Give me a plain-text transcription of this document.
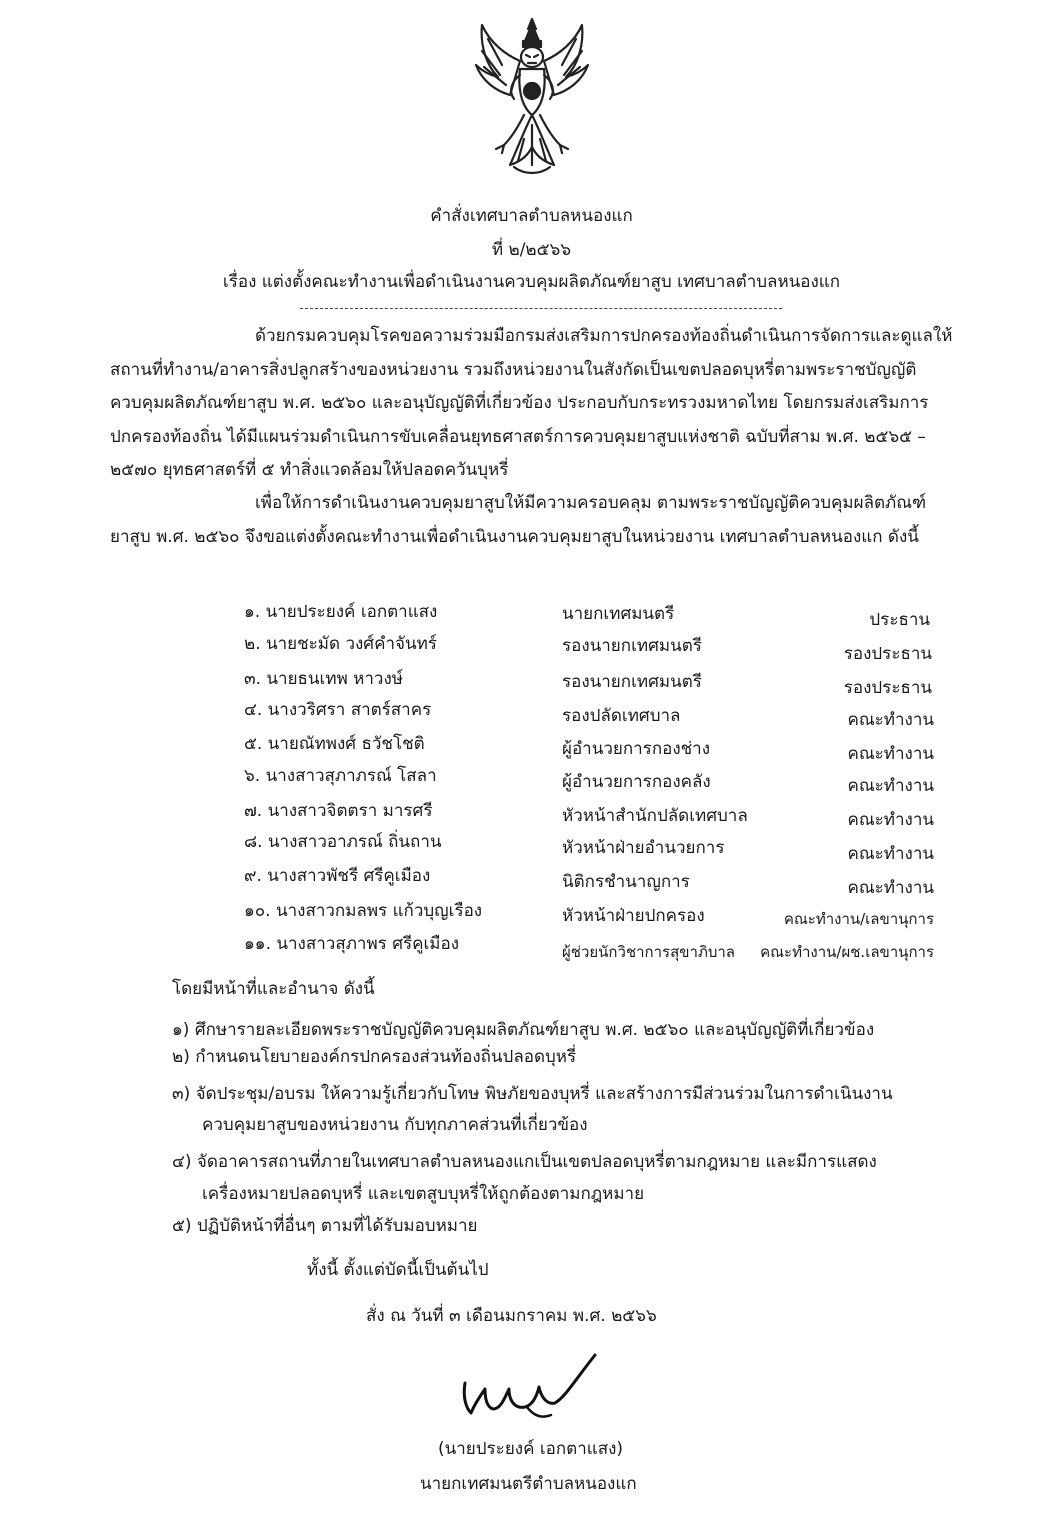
คำสั่งเทศบาลตำบลหนองแก
ที่ ๒/๒๕๖๖
เรื่อง แต่งตั้งคณะทำงานเพื่อดำเนินงานควบคุมผลิตภัณฑ์ยาสูบ เทศบาลตำบลหนองแก
ด้วยกรมควบคุมโรคขอความร่วมมือกรมส่งเสริมการปกครองท้องถิ่นดำเนินการจัดการและดูแลให้สถานที่ทำงาน/อาคารสิ่งปลูกสร้างของหน่วยงาน รวมถึงหน่วยงานในสังกัดเป็นเขตปลอดบุหรี่ตามพระราชบัญญัติควบคุมผลิตภัณฑ์ยาสูบ พ.ศ. ๒๕๖๐ และอนุบัญญัติที่เกี่ยวข้อง ประกอบกับกระทรวงมหาดไทย โดยกรมส่งเสริมการปกครองท้องถิ่น ได้มีแผนร่วมดำเนินการขับเคลื่อนยุทธศาสตร์การควบคุมยาสูบแห่งชาติ ฉบับที่สาม พ.ศ. ๒๕๖๕ – ๒๕๗๐ ยุทธศาสตร์ที่ ๕ ทำสิ่งแวดล้อมให้ปลอดควันบุหรี่
เพื่อให้การดำเนินงานควบคุมยาสูบให้มีความครอบคลุม ตามพระราชบัญญัติควบคุมผลิตภัณฑ์ยาสูบ พ.ศ. ๒๕๖๐ จึงขอแต่งตั้งคณะทำงานเพื่อดำเนินงานควบคุมยาสูบในหน่วยงาน เทศบาลตำบลหนองแก ดังนี้
๑. นายประยงค์ เอกตาแสง	นายกเทศมนตรี	ประธาน
๒. นายชะมัด วงศ์คำจันทร์	รองนายกเทศมนตรี	รองประธาน
๓. นายธนเทพ หาวงษ์	รองนายกเทศมนตรี	รองประธาน
๔. นางวริศรา สาตร์สาคร	รองปลัดเทศบาล	คณะทำงาน
๕. นายณัทพงศ์ ธวัชโชติ	ผู้อำนวยการกองช่าง	คณะทำงาน
๖. นางสาวสุภาภรณ์ โสลา	ผู้อำนวยการกองคลัง	คณะทำงาน
๗. นางสาวจิตตรา มารศรี	หัวหน้าสำนักปลัดเทศบาล	คณะทำงาน
๘. นางสาวอาภรณ์ ถิ่นถาน	หัวหน้าฝ่ายอำนวยการ	คณะทำงาน
๙. นางสาวพัชรี ศรีคูเมือง	นิติกรชำนาญการ	คณะทำงาน
๑๐. นางสาวกมลพร แก้วบุญเรือง	หัวหน้าฝ่ายปกครอง	คณะทำงาน/เลขานุการ
๑๑. นางสาวสุภาพร ศรีคูเมือง	ผู้ช่วยนักวิชาการสุขาภิบาล	คณะทำงาน/ผช.เลขานุการ
โดยมีหน้าที่และอำนาจ ดังนี้
๑) ศึกษารายละเอียดพระราชบัญญัติควบคุมผลิตภัณฑ์ยาสูบ พ.ศ. ๒๕๖๐ และอนุบัญญัติที่เกี่ยวข้อง
๒) กำหนดนโยบายองค์กรปกครองส่วนท้องถิ่นปลอดบุหรี่
๓) จัดประชุม/อบรม ให้ความรู้เกี่ยวกับโทษ พิษภัยของบุหรี่ และสร้างการมีส่วนร่วมในการดำเนินงาน
ควบคุมยาสูบของหน่วยงาน กับทุกภาคส่วนที่เกี่ยวข้อง
๔) จัดอาคารสถานที่ภายในเทศบาลตำบลหนองแกเป็นเขตปลอดบุหรี่ตามกฎหมาย และมีการแสดง
เครื่องหมายปลอดบุหรี่ และเขตสูบบุหรี่ให้ถูกต้องตามกฎหมาย
๕) ปฏิบัติหน้าที่อื่นๆ ตามที่ได้รับมอบหมาย
ทั้งนี้ ตั้งแต่บัดนี้เป็นต้นไป
สั่ง ณ วันที่ ๓ เดือนมกราคม พ.ศ. ๒๕๖๖
(นายประยงค์ เอกตาแสง)
นายกเทศมนตรีตำบลหนองแก
